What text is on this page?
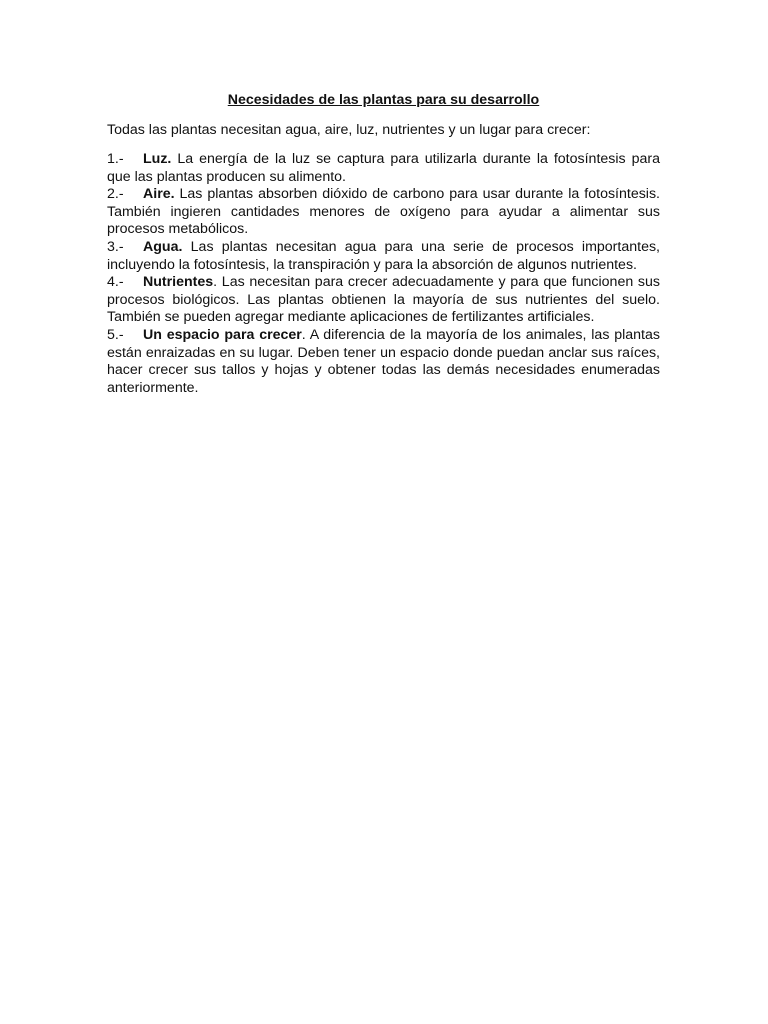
Necesidades de las plantas para su desarrollo

Todas las plantas necesitan agua, aire, luz, nutrientes y un lugar para crecer:

1.- Luz. La energía de la luz se captura para utilizarla durante la fotosíntesis para que las plantas producen su alimento.

2.- Aire. Las plantas absorben dióxido de carbono para usar durante la fotosíntesis. También ingieren cantidades menores de oxígeno para ayudar a alimentar sus procesos metabólicos.

3.- Agua. Las plantas necesitan agua para una serie de procesos importantes, incluyendo la fotosíntesis, la transpiración y para la absorción de algunos nutrientes.

4.- Nutrientes. Las necesitan para crecer adecuadamente y para que funcionen sus procesos biológicos. Las plantas obtienen la mayoría de sus nutrientes del suelo. También se pueden agregar mediante aplicaciones de fertilizantes artificiales.

5.- Un espacio para crecer. A diferencia de la mayoría de los animales, las plantas están enraizadas en su lugar. Deben tener un espacio donde puedan anclar sus raíces, hacer crecer sus tallos y hojas y obtener todas las demás necesidades enumeradas anteriormente.
